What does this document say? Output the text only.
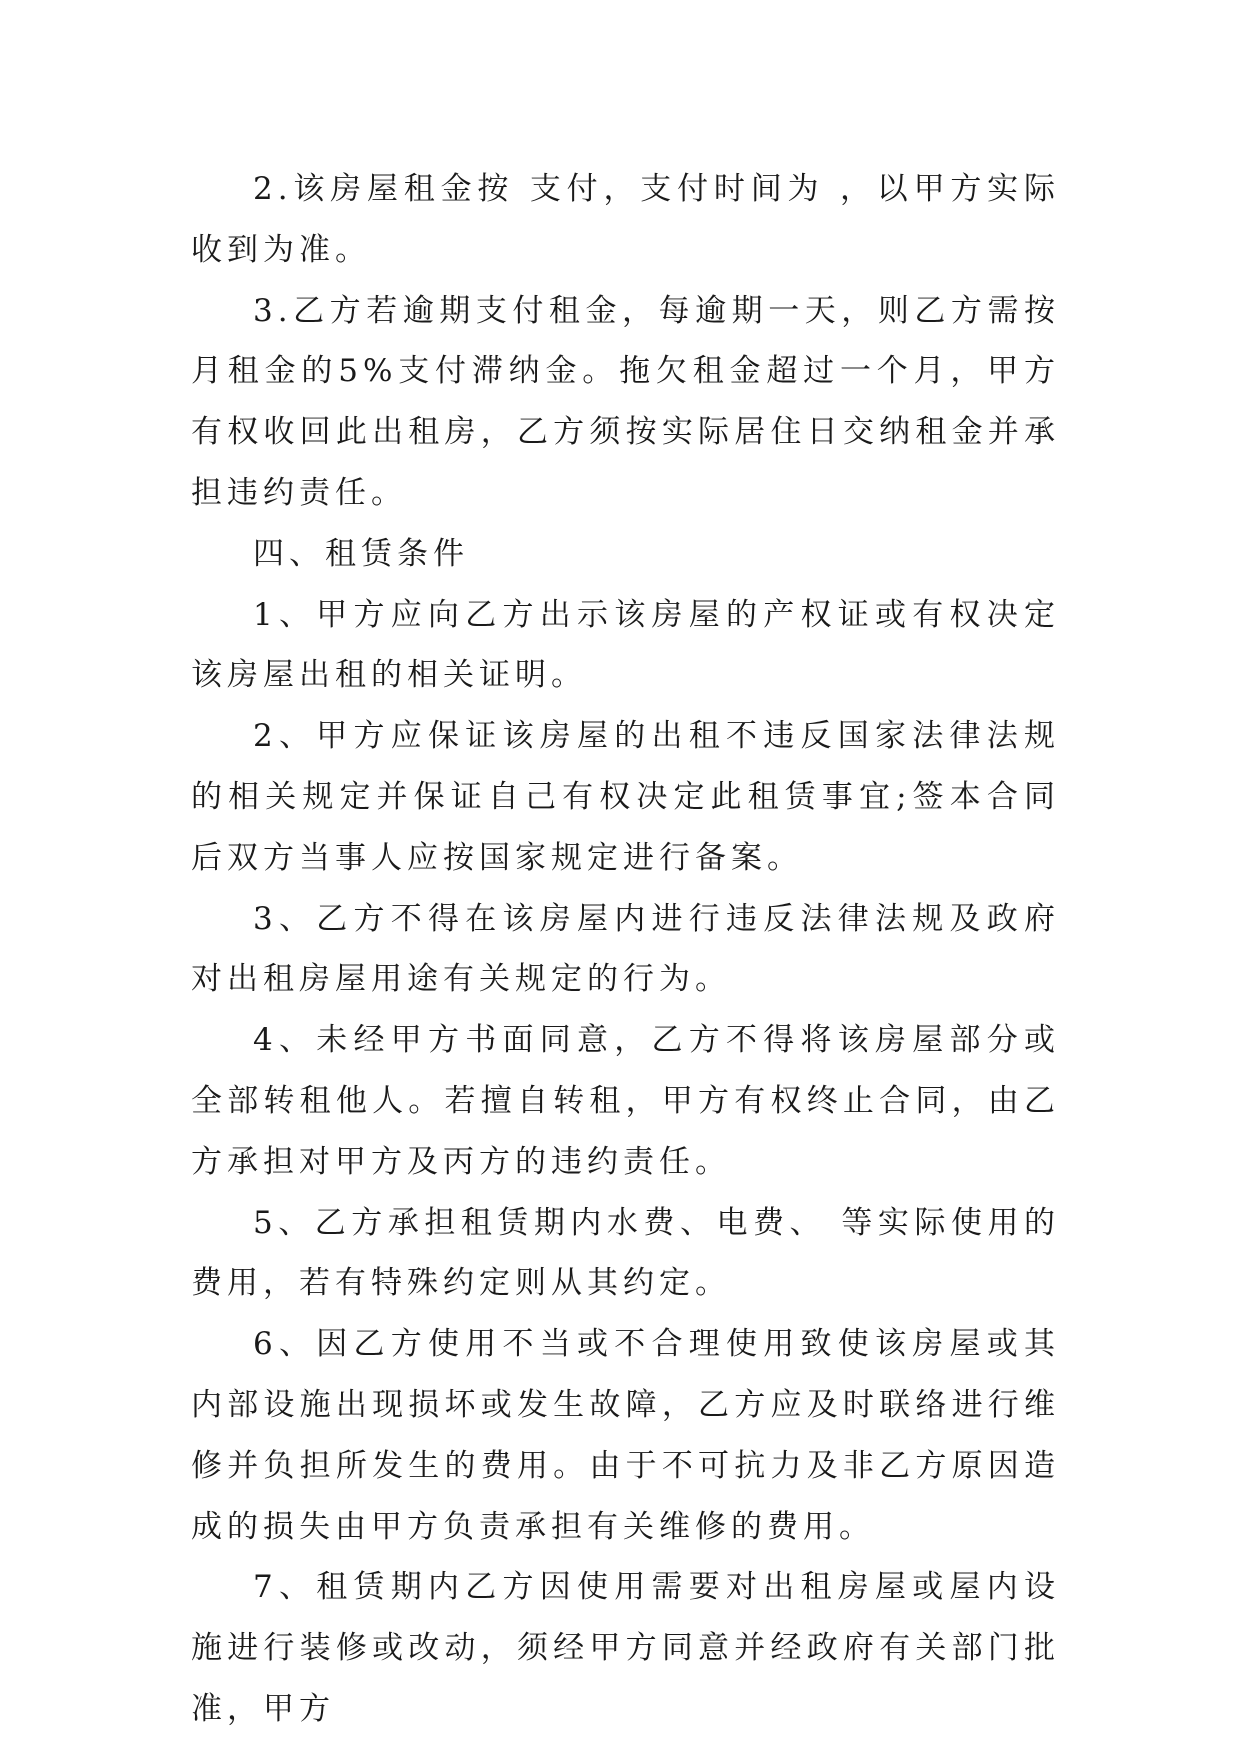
2.该房屋租金按 支付，支付时间为 ，以甲方实际收到为准。

3.乙方若逾期支付租金，每逾期一天，则乙方需按月租金的5%支付滞纳金。拖欠租金超过一个月，甲方有权收回此出租房，乙方须按实际居住日交纳租金并承担违约责任。

四、租赁条件

1、甲方应向乙方出示该房屋的产权证或有权决定该房屋出租的相关证明。

2、甲方应保证该房屋的出租不违反国家法律法规的相关规定并保证自己有权决定此租赁事宜;签本合同后双方当事人应按国家规定进行备案。

3、乙方不得在该房屋内进行违反法律法规及政府对出租房屋用途有关规定的行为。

4、未经甲方书面同意，乙方不得将该房屋部分或全部转租他人。若擅自转租，甲方有权终止合同，由乙方承担对甲方及丙方的违约责任。

5、乙方承担租赁期内水费、电费、 等实际使用的费用，若有特殊约定则从其约定。

6、因乙方使用不当或不合理使用致使该房屋或其内部设施出现损坏或发生故障，乙方应及时联络进行维修并负担所发生的费用。由于不可抗力及非乙方原因造成的损失由甲方负责承担有关维修的费用。

7、租赁期内乙方因使用需要对出租房屋或屋内设施进行装修或改动，须经甲方同意并经政府有关部门批准，甲方
